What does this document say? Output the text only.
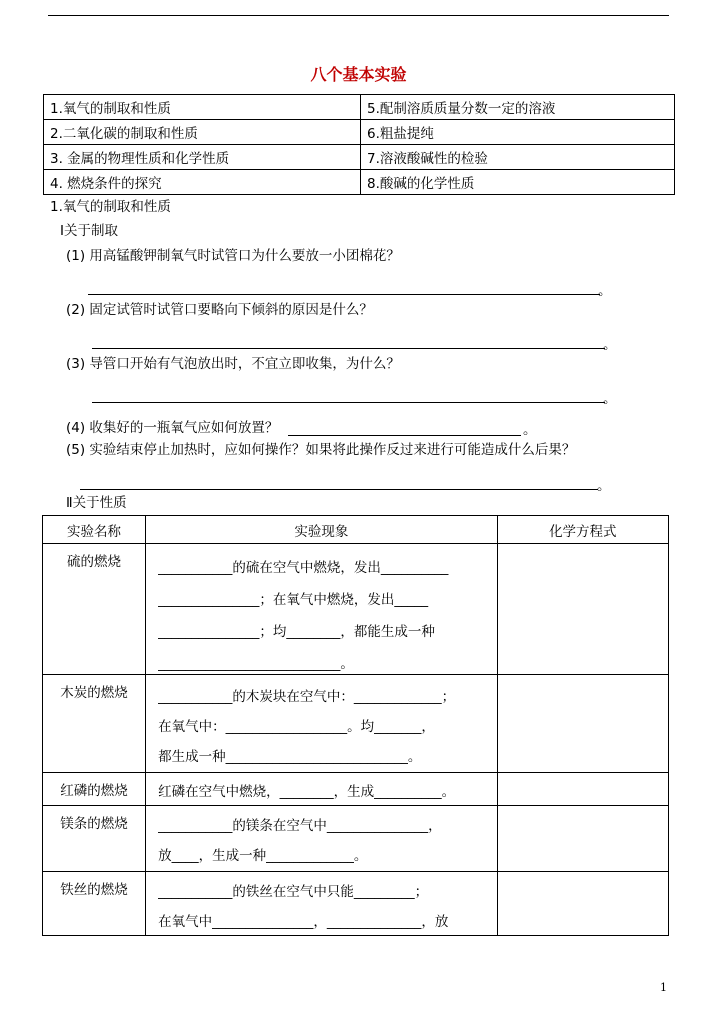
八个基本实验
1.氧气的制取和性质	5.配制溶质质量分数一定的溶液
2.二氧化碳的制取和性质	6.粗盐提纯
3. 金属的物理性质和化学性质	7.溶液酸碱性的检验
4. 燃烧条件的探究	8.酸碱的化学性质
1.氧气的制取和性质
Ⅰ关于制取
(1) 用高锰酸钾制氧气时试管口为什么要放一小团棉花？
。
(2) 固定试管时试管口要略向下倾斜的原因是什么？
。
(3) 导管口开始有气泡放出时，不宜立即收集，为什么？
。
(4) 收集好的一瓶氧气应如何放置？	。
(5) 实验结束停止加热时，应如何操作？如果将此操作反过来进行可能造成什么后果？
。
Ⅱ关于性质
实验名称	实验现象	化学方程式
硫的燃烧	___________的硫在空气中燃烧，发出__________
_______________；在氧气中燃烧，发出_____
_______________；均________，都能生成一种
___________________________。	

木炭的燃烧	___________的木炭块在空气中：_____________；
在氧气中：__________________。均_______，
都生成一种___________________________。	

红磷的燃烧	红磷在空气中燃烧，________，生成__________。	

镁条的燃烧	___________的镁条在空气中_______________，
放____，生成一种_____________。	

铁丝的燃烧	___________的铁丝在空气中只能_________；
在氧气中_______________，______________，放	

1
